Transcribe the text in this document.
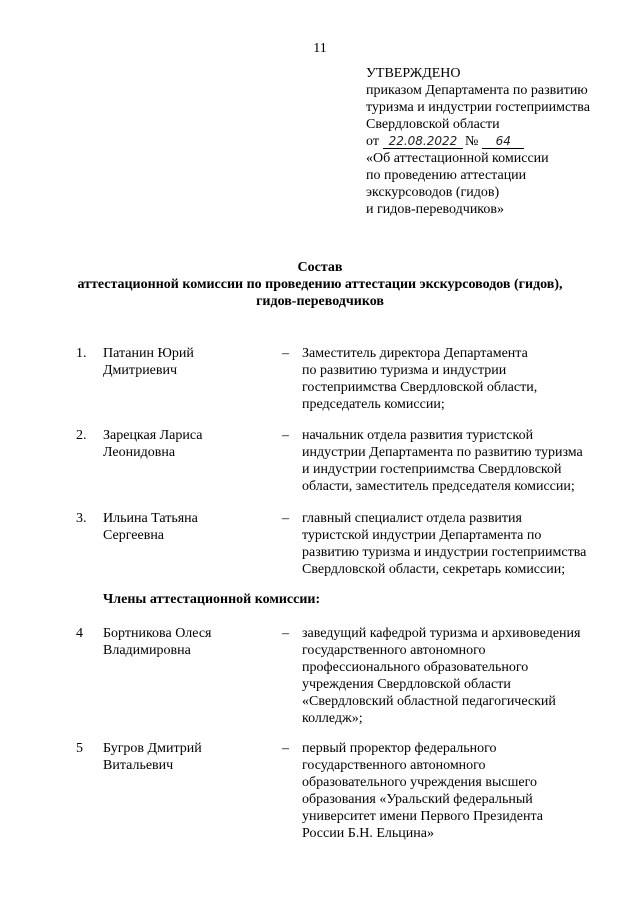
11
УТВЕРЖДЕНО
приказом Департамента по развитию
туризма и индустрии гостеприимства
Свердловской области
от 22.08.2022 №	64
«Об аттестационной комиссии
по проведению аттестации
экскурсоводов (гидов)
и гидов-переводчиков»
Состав
аттестационной комиссии по проведению аттестации экскурсоводов (гидов),
гидов-переводчиков
1. Патанин Юрий
Дмитриевич
– Заместитель директора Департамента
по развитию туризма и индустрии
гостеприимства Свердловской области,
председатель комиссии;
2. Зарецкая Лариса
Леонидовна
– начальник отдела развития туристской
индустрии Департамента по развитию туризма
и индустрии гостеприимства Свердловской
области, заместитель председателя комиссии;
3. Ильина Татьяна
Сергеевна
– главный специалист отдела развития
туристской индустрии Департамента по
развитию туризма и индустрии гостеприимства
Свердловской области, секретарь комиссии;
Члены аттестационной комиссии:
4 Бортникова Олеся
Владимировна
– заведущий кафедрой туризма и архивоведения
государственного автономного
профессионального образовательного
учреждения Свердловской области
«Свердловский областной педагогический
колледж»;
5 Бугров Дмитрий
Витальевич
– первый проректор федерального
государственного автономного
образовательного учреждения высшего
образования «Уральский федеральный
университет имени Первого Президента
России Б.Н. Ельцина»
